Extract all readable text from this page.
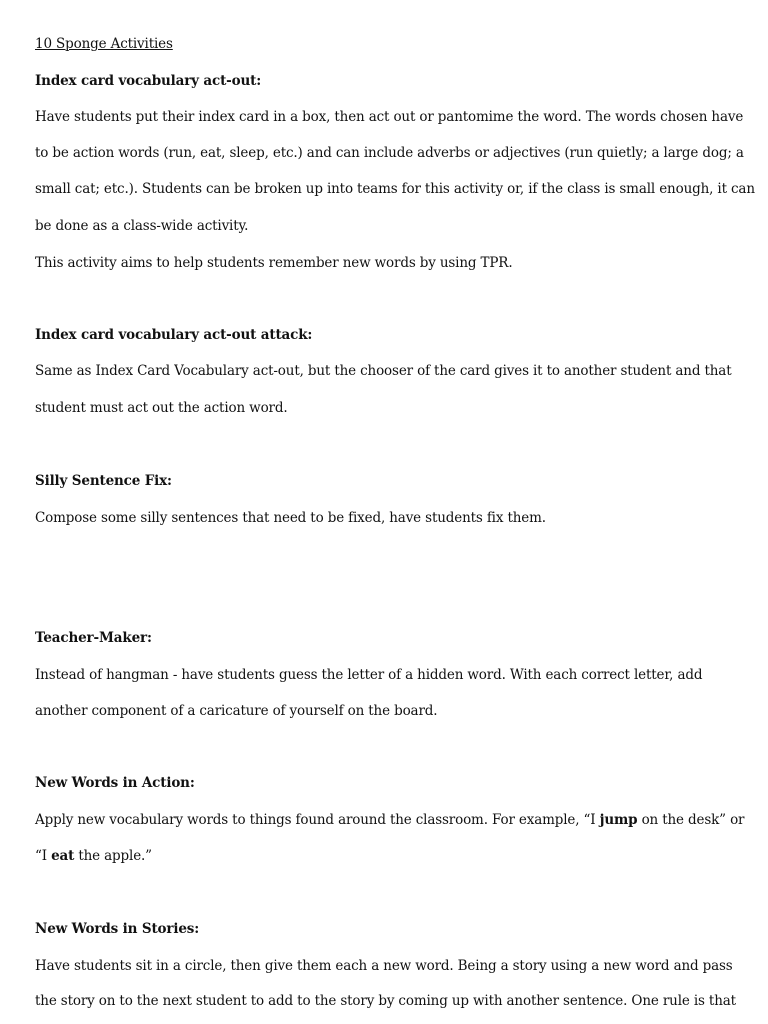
10 Sponge Activities

Index card vocabulary act-out:

Have students put their index card in a box, then act out or pantomime the word. The words chosen have

to be action words (run, eat, sleep, etc.) and can include adverbs or adjectives (run quietly; a large dog; a

small cat; etc.). Students can be broken up into teams for this activity or, if the class is small enough, it can

be done as a class-wide activity.

This activity aims to help students remember new words by using TPR.

Index card vocabulary act-out attack:

Same as Index Card Vocabulary act-out, but the chooser of the card gives it to another student and that

student must act out the action word.

Silly Sentence Fix:

Compose some silly sentences that need to be fixed, have students fix them.

Teacher-Maker:

Instead of hangman - have students guess the letter of a hidden word. With each correct letter, add

another component of a caricature of yourself on the board.

New Words in Action:

Apply new vocabulary words to things found around the classroom. For example, “I jump on the desk” or

“I eat the apple.”

New Words in Stories:

Have students sit in a circle, then give them each a new word. Being a story using a new word and pass

the story on to the next student to add to the story by coming up with another sentence. One rule is that
